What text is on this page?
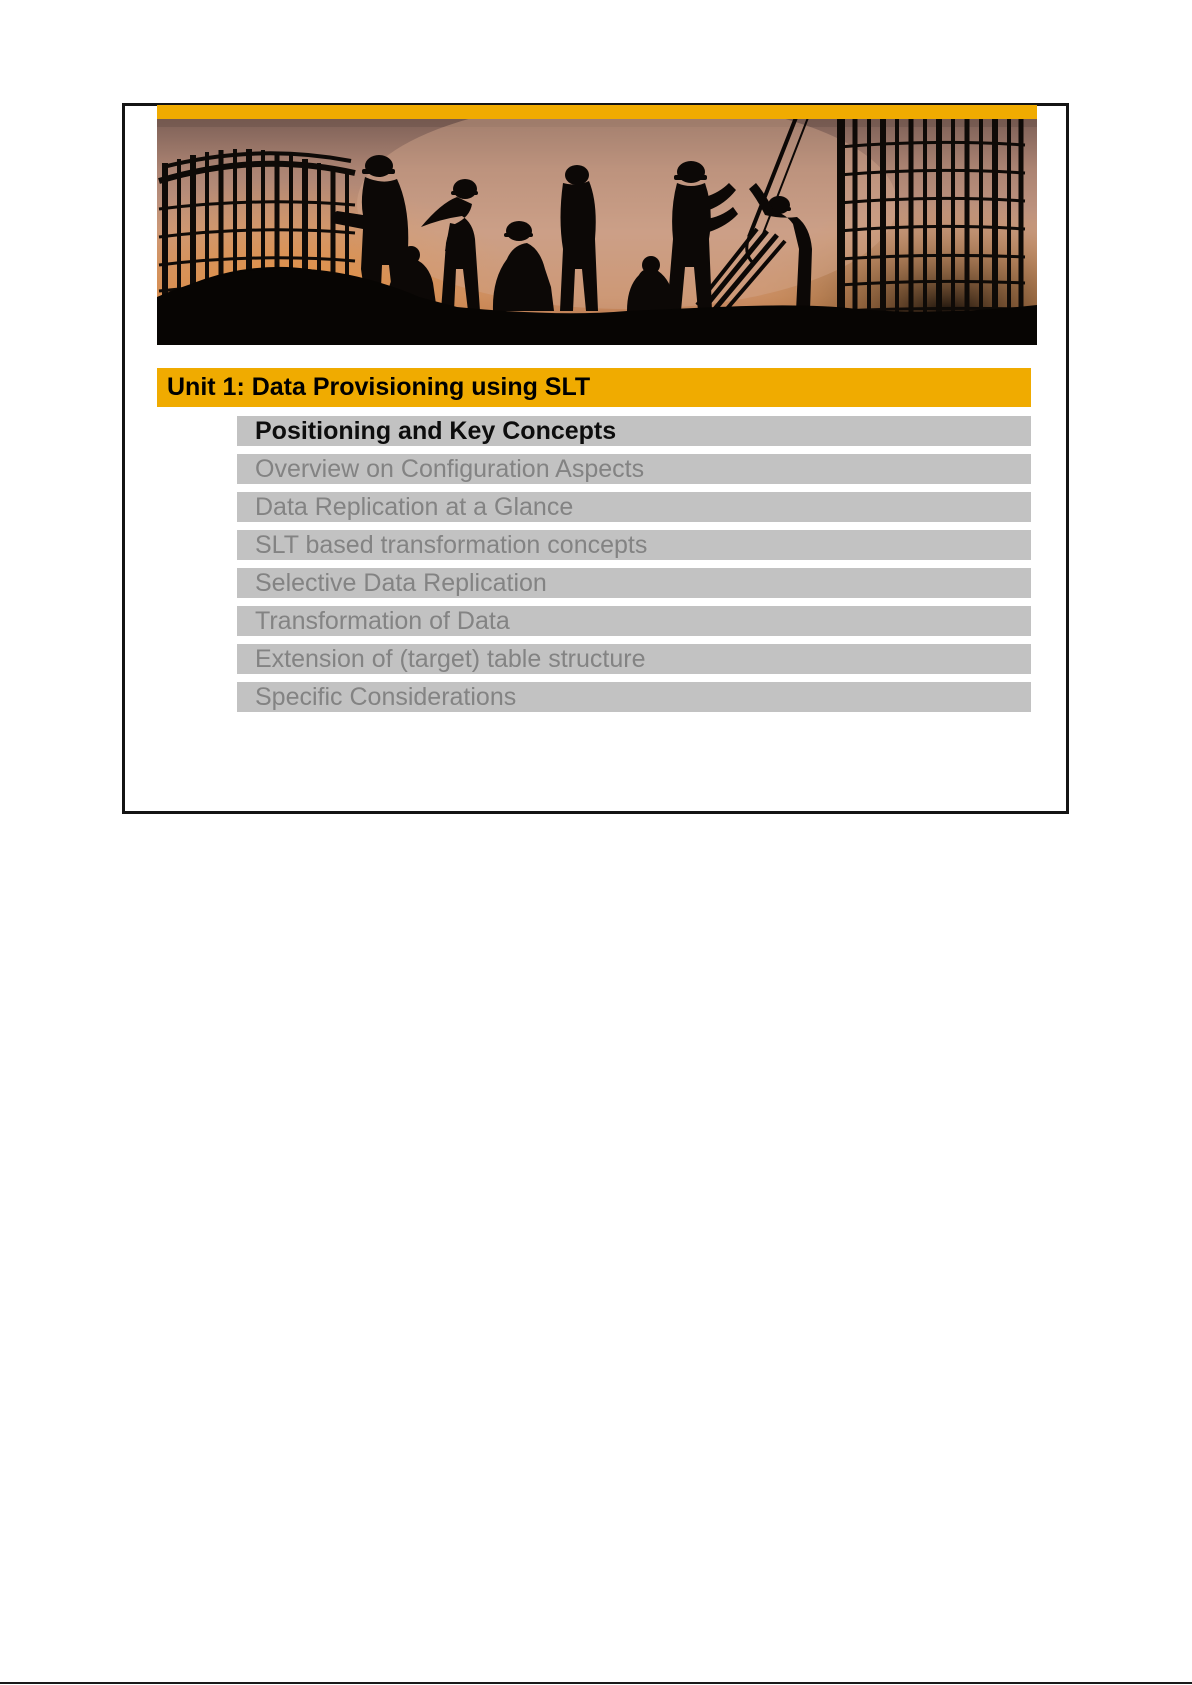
Unit 1: Data Provisioning using SLT
Positioning and Key Concepts
Overview on Configuration Aspects
Data Replication at a Glance
SLT based transformation concepts
Selective Data Replication
Transformation of Data
Extension of (target) table structure
Specific Considerations
